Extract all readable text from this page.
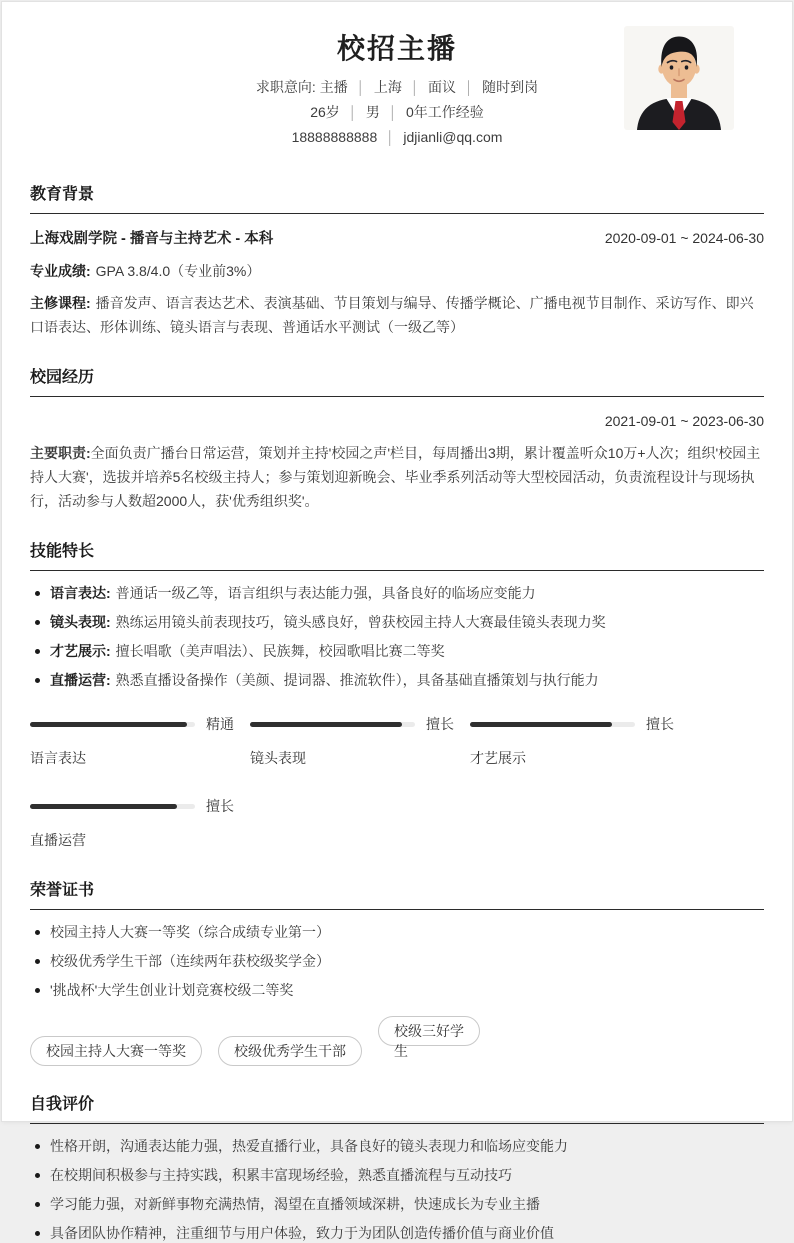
校招主播
求职意向: 主播 │ 上海 │ 面议 │ 随时到岗
26岁 │ 男 │ 0年工作经验
18888888888 │ jdjianli@qq.com
教育背景
上海戏剧学院 - 播音与主持艺术 - 本科	2020-09-01 ~ 2024-06-30
专业成绩: GPA 3.8/4.0（专业前3%）
主修课程: 播音发声、语言表达艺术、表演基础、节目策划与编导、传播学概论、广播电视节目制作、采访写作、即兴口语表达、形体训练、镜头语言与表现、普通话水平测试（一级乙等）
校园经历
2021-09-01 ~ 2023-06-30
主要职责:全面负责广播台日常运营，策划并主持'校园之声'栏目，每周播出3期，累计覆盖听众10万+人次；组织'校园主持人大赛'，选拔并培养5名校级主持人；参与策划迎新晚会、毕业季系列活动等大型校园活动，负责流程设计与现场执行，活动参与人数超2000人，获'优秀组织奖'。
技能特长
语言表达: 普通话一级乙等，语言组织与表达能力强，具备良好的临场应变能力
镜头表现: 熟练运用镜头前表现技巧，镜头感良好，曾获校园主持人大赛最佳镜头表现力奖
才艺展示: 擅长唱歌（美声唱法）、民族舞，校园歌唱比赛二等奖
直播运营: 熟悉直播设备操作（美颜、提词器、推流软件），具备基础直播策划与执行能力
精通
语言表达
擅长
镜头表现
擅长
才艺展示
擅长
直播运营
荣誉证书
校园主持人大赛一等奖（综合成绩专业第一）
校级优秀学生干部（连续两年获校级奖学金）
'挑战杯'大学生创业计划竞赛校级二等奖
校园主持人大赛一等奖	校级优秀学生干部校级三好学生
自我评价
性格开朗，沟通表达能力强，热爱直播行业，具备良好的镜头表现力和临场应变能力
在校期间积极参与主持实践，积累丰富现场经验，熟悉直播流程与互动技巧
学习能力强，对新鲜事物充满热情，渴望在直播领域深耕，快速成长为专业主播
具备团队协作精神，注重细节与用户体验，致力于为团队创造传播价值与商业价值
